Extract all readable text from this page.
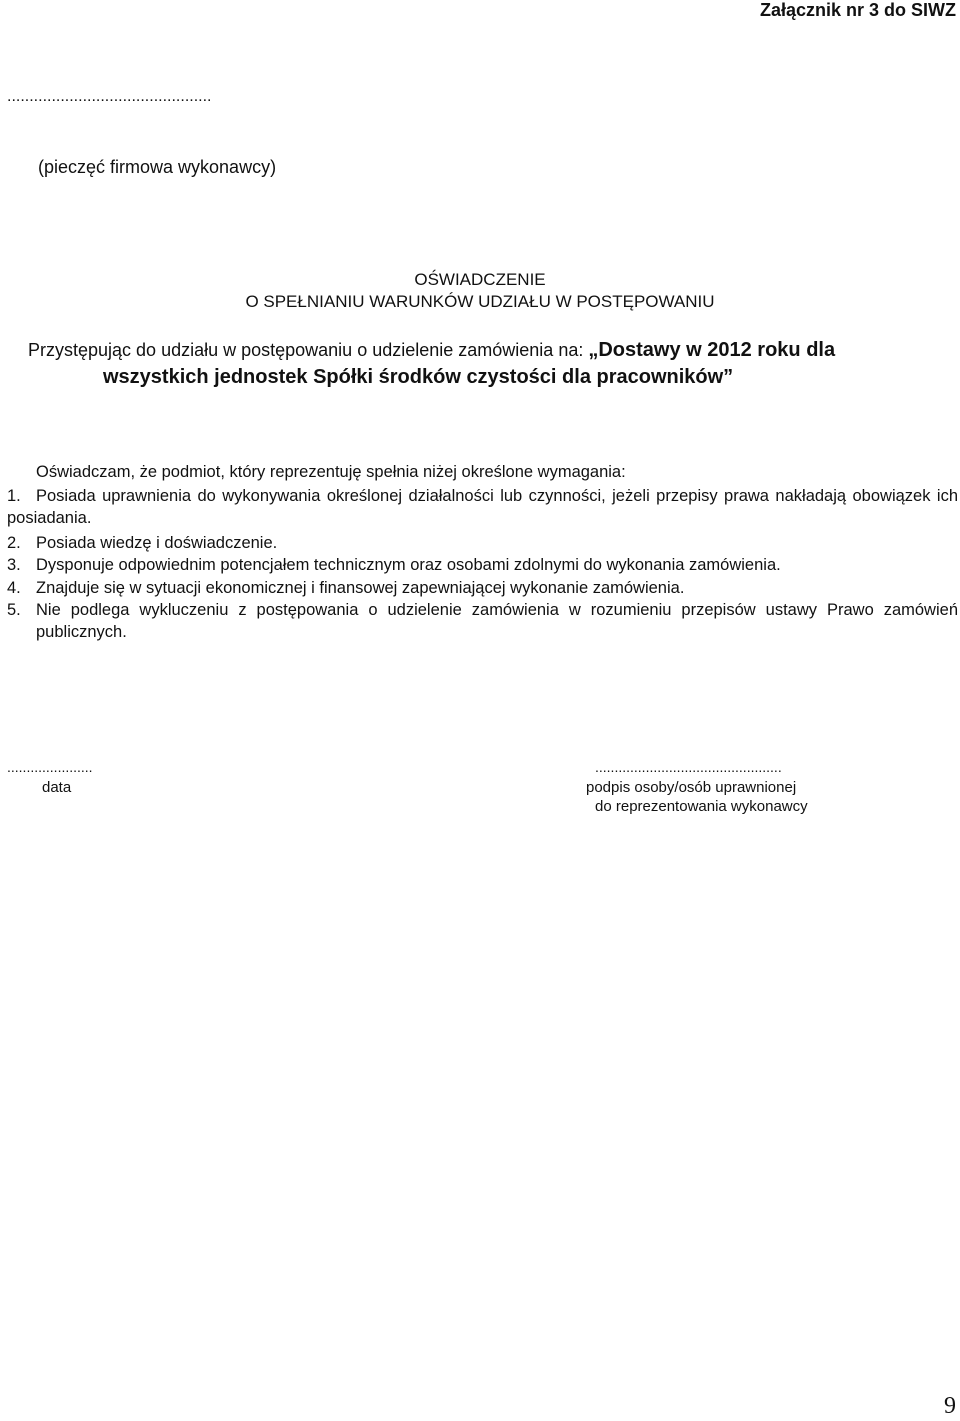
Załącznik nr 3 do SIWZ
..............................................
(pieczęć firmowa wykonawcy)
OŚWIADCZENIE
O SPEŁNIANIU WARUNKÓW UDZIAŁU W POSTĘPOWANIU
Przystępując do udziału w postępowaniu o udzielenie zamówienia na: „Dostawy w 2012 roku dla
wszystkich jednostek Spółki środków czystości dla pracowników”
Oświadczam, że podmiot, który reprezentuję spełnia niżej określone wymagania:
Posiada uprawnienia do wykonywania określonej działalności lub czynności, jeżeli przepisy prawa nakładają obowiązek ich posiadania.
1.
2. Posiada wiedzę i doświadczenie.
3. Dysponuje odpowiednim potencjałem technicznym oraz osobami zdolnymi do wykonania zamówienia.
4. Znajduje się w sytuacji ekonomicznej i finansowej zapewniającej wykonanie zamówienia.
5. Nie podlega wykluczeniu z postępowania o udzielenie zamówienia w rozumieniu przepisów ustawy Prawo zamówień publicznych.
......................
data
................................................
podpis osoby/osób uprawnionej
do reprezentowania wykonawcy
9
